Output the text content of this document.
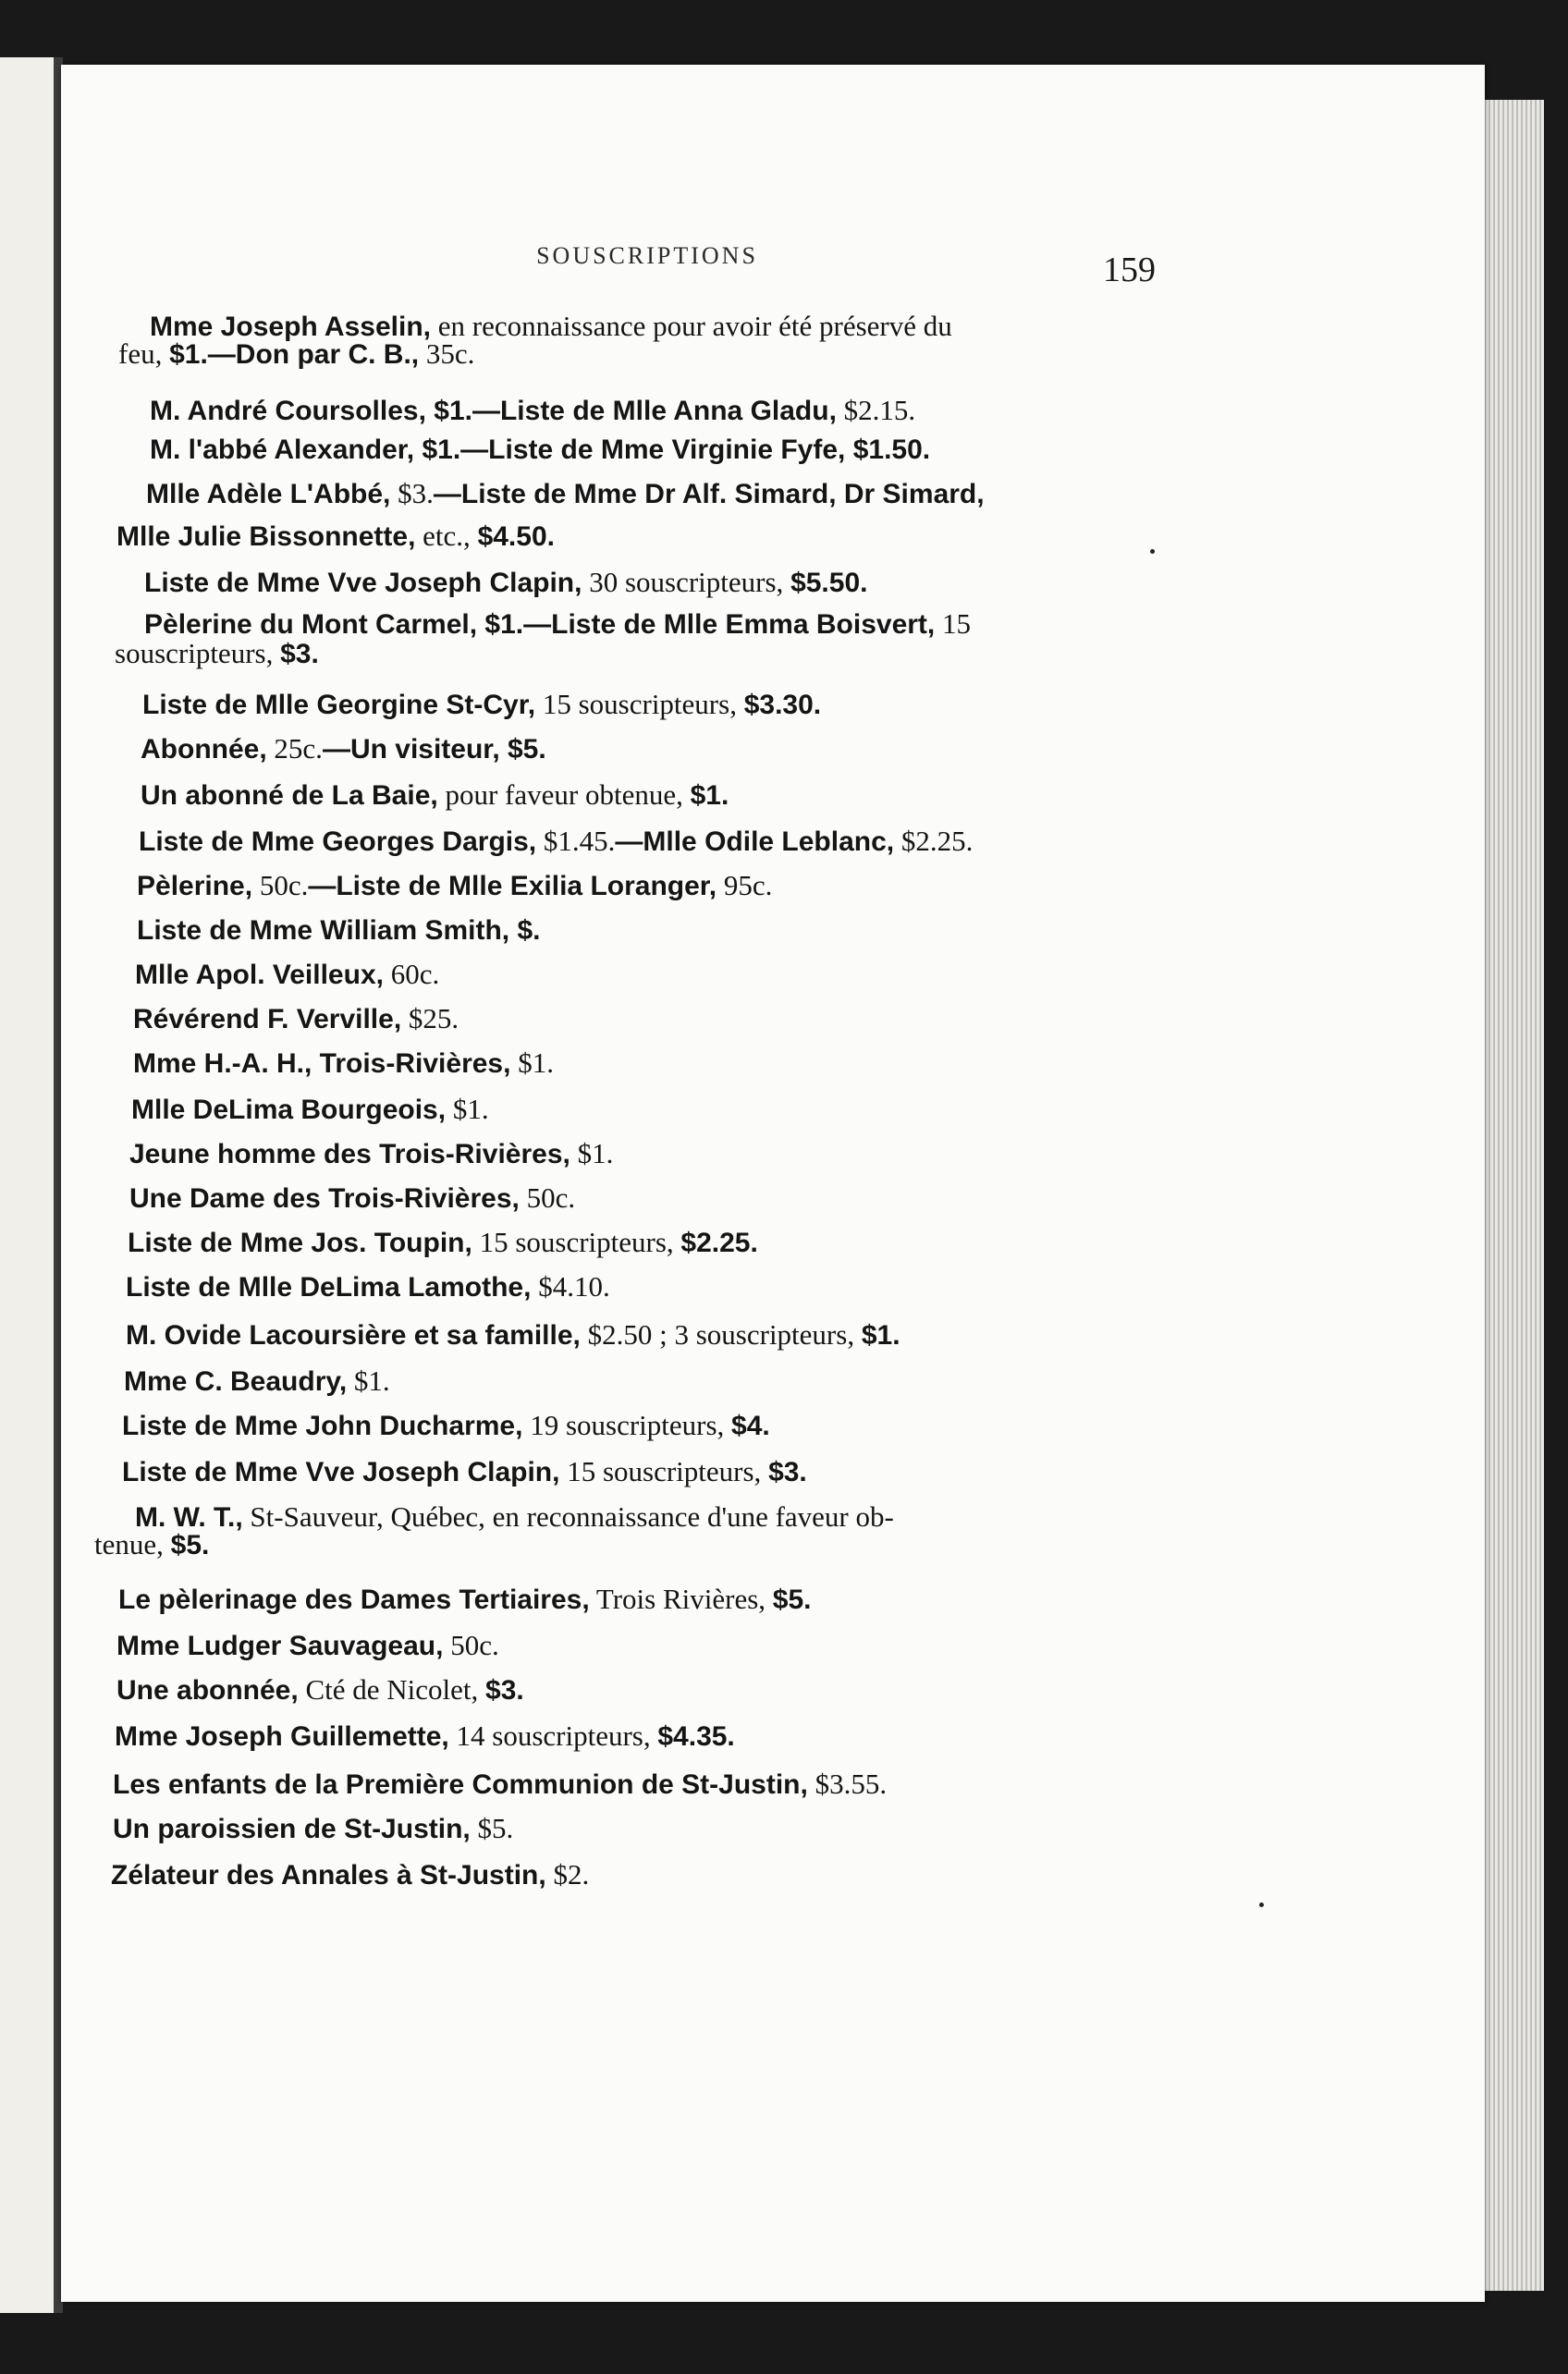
SOUSCRIPTIONS	159
Mme Joseph Asselin, en reconnaissance pour avoir été préservé du
feu, $1.—Don par C. B., 35c.
M. André Coursolles, $1.—Liste de Mlle Anna Gladu, $2.15.
M. l'abbé Alexander, $1.—Liste de Mme Virginie Fyfe, $1.50.
Mlle Adèle L'Abbé, $3.—Liste de Mme Dr Alf. Simard, Dr Simard,
Mlle Julie Bissonnette, etc., $4.50.
Liste de Mme Vve Joseph Clapin, 30 souscripteurs, $5.50.
Pèlerine du Mont Carmel, $1.—Liste de Mlle Emma Boisvert, 15
souscripteurs, $3.
Liste de Mlle Georgine St-Cyr, 15 souscripteurs, $3.30.
Abonnée, 25c.—Un visiteur, $5.
Un abonné de La Baie, pour faveur obtenue, $1.
Liste de Mme Georges Dargis, $1.45.—Mlle Odile Leblanc, $2.25.
Pèlerine, 50c.—Liste de Mlle Exilia Loranger, 95c.
Liste de Mme William Smith, $.
Mlle Apol. Veilleux, 60c.
Révérend F. Verville, $25.
Mme H.-A. H., Trois-Rivières, $1.
Mlle DeLima Bourgeois, $1.
Jeune homme des Trois-Rivières, $1.
Une Dame des Trois-Rivières, 50c.
Liste de Mme Jos. Toupin, 15 souscripteurs, $2.25.
Liste de Mlle DeLima Lamothe, $4.10.
M. Ovide Lacoursière et sa famille, $2.50 ; 3 souscripteurs, $1.
Mme C. Beaudry, $1.
Liste de Mme John Ducharme, 19 souscripteurs, $4.
Liste de Mme Vve Joseph Clapin, 15 souscripteurs, $3.
M. W. T., St-Sauveur, Québec, en reconnaissance d'une faveur ob-
tenue, $5.
Le pèlerinage des Dames Tertiaires, Trois Rivières, $5.
Mme Ludger Sauvageau, 50c.
Une abonnée, Cté de Nicolet, $3.
Mme Joseph Guillemette, 14 souscripteurs, $4.35.
Les enfants de la Première Communion de St-Justin, $3.55.
Un paroissien de St-Justin, $5.
Zélateur des Annales à St-Justin, $2.
